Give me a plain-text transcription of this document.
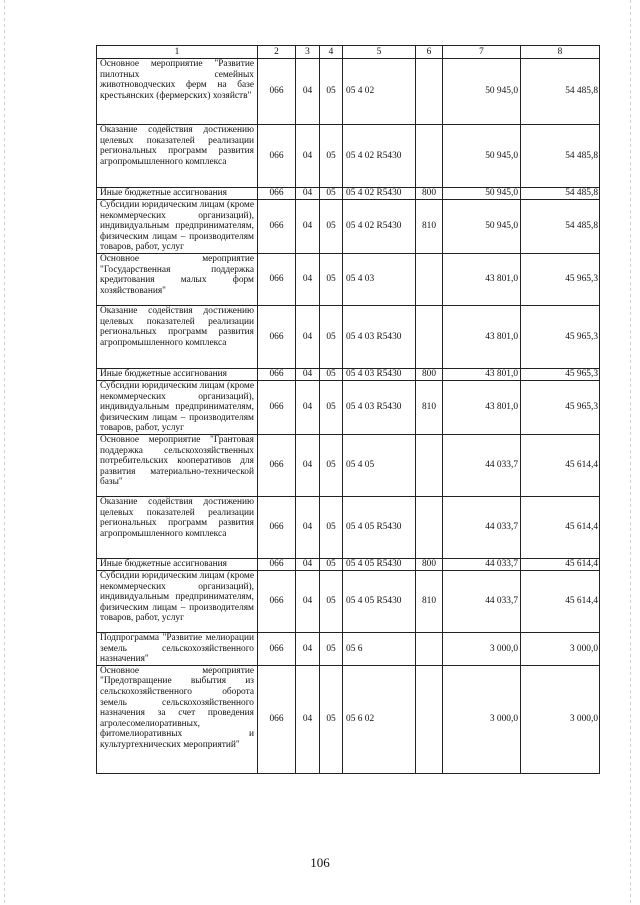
1	2	3	4	5	6	7	8
Основное мероприятие "Развитие пилотных семейных животноводческих ферм на базе крестьянских (фермерских) хозяйств"	066	04	05	05 4 02		50 945,0	54 485,8
Оказание содействия достижению целевых показателей реализации региональных программ развития агропромышленного комплекса	066	04	05	05 4 02 R5430		50 945,0	54 485,8
Иные бюджетные ассигнования	066	04	05	05 4 02 R5430	800	50 945,0	54 485,8
Субсидии юридическим лицам (кроме некоммерческих организаций), индивидуальным предпринимателям, физическим лицам – производителям товаров, работ, услуг	066	04	05	05 4 02 R5430	810	50 945,0	54 485,8
Основное мероприятие "Государственная поддержка кредитования малых форм хозяйствования"	066	04	05	05 4 03		43 801,0	45 965,3
Оказание содействия достижению целевых показателей реализации региональных программ развития агропромышленного комплекса	066	04	05	05 4 03 R5430		43 801,0	45 965,3
Иные бюджетные ассигнования	066	04	05	05 4 03 R5430	800	43 801,0	45 965,3
Субсидии юридическим лицам (кроме некоммерческих организаций), индивидуальным предпринимателям, физическим лицам – производителям товаров, работ, услуг	066	04	05	05 4 03 R5430	810	43 801,0	45 965,3
Основное мероприятие "Грантовая поддержка сельскохозяйственных потребительских кооперативов для развития материально-технической базы"	066	04	05	05 4 05		44 033,7	45 614,4
Оказание содействия достижению целевых показателей реализации региональных программ развития агропромышленного комплекса	066	04	05	05 4 05 R5430		44 033,7	45 614,4
Иные бюджетные ассигнования	066	04	05	05 4 05 R5430	800	44 033,7	45 614,4
Субсидии юридическим лицам (кроме некоммерческих организаций), индивидуальным предпринимателям, физическим лицам – производителям товаров, работ, услуг	066	04	05	05 4 05 R5430	810	44 033,7	45 614,4
Подпрограмма "Развитие мелиорации земель сельскохозяйственного назначения"	066	04	05	05 6		3 000,0	3 000,0
Основное мероприятие "Предотвращение выбытия из сельскохозяйственного оборота земель сельскохозяйственного назначения за счет проведения агролесомелиоративных, фитомелиоративных и культуртехнических мероприятий"	066	04	05	05 6 02		3 000,0	3 000,0
106
